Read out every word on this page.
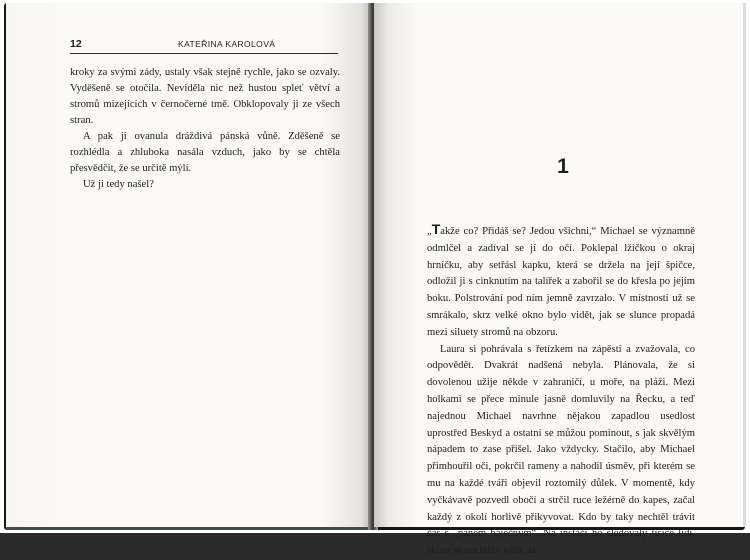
12	KATEŘINA KAROLOVÁ

kroky za svými zády, ustaly však stejně rychle, jako se ozvaly. Vyděšeně se otočila. Neviděla nic než hustou spleť větví a stromů mizejících v černočerné tmě. Obklopovaly ji ze všech stran.

A pak ji ovanula dráždivá pánská vůně. Zděšeně se rozhlédla a zhluboka nasála vzduch, jako by se chtěla přesvědčit, že se určitě mýlí.

Už ji tedy našel?

1

„Takže co? Přidáš se? Jedou všichni,“ Michael se významně odmlčel a zadíval se jí do očí. Poklepal lžičkou o okraj hrníčku, aby setřásl kapku, která se držela na její špičce, odložil ji s cinknutím na talířek a zabořil se do křesla po jejím boku. Polstrování pod ním jemně zavrzalo. V místnosti už se smrákalo, skrz velké okno bylo vidět, jak se slunce propadá mezi siluety stromů na obzoru.

Laura si pohrávala s řetízkem na zápěstí a zvažovala, co odpovědět. Dvakrát nadšená nebyla. Plánovala, že si dovolenou užije někde v zahraničí, u moře, na pláži. Mezi holkami se přece minule jasně domluvily na Řecku, a teď najednou Michael navrhne nějakou zapadlou usedlost uprostřed Beskyd a ostatní se můžou pominout, s jak skvělým nápadem to zase přišel. Jako vždycky. Stačilo, aby Michael přimhouřil oči, pokrčil rameny a nahodil úsměv, při kterém se mu na každé tváři objevil roztomilý důlek. V momentě, kdy vyčkávavě pozvedl obočí a strčil ruce ležérně do kapes, začal každý z okolí horlivě přikyvovat. Kdo by taky nechtěl trávit čas s „panem báječným“. Na instáči ho sledovaly tisíce lidí, skoro se nechtělo věřit, že
